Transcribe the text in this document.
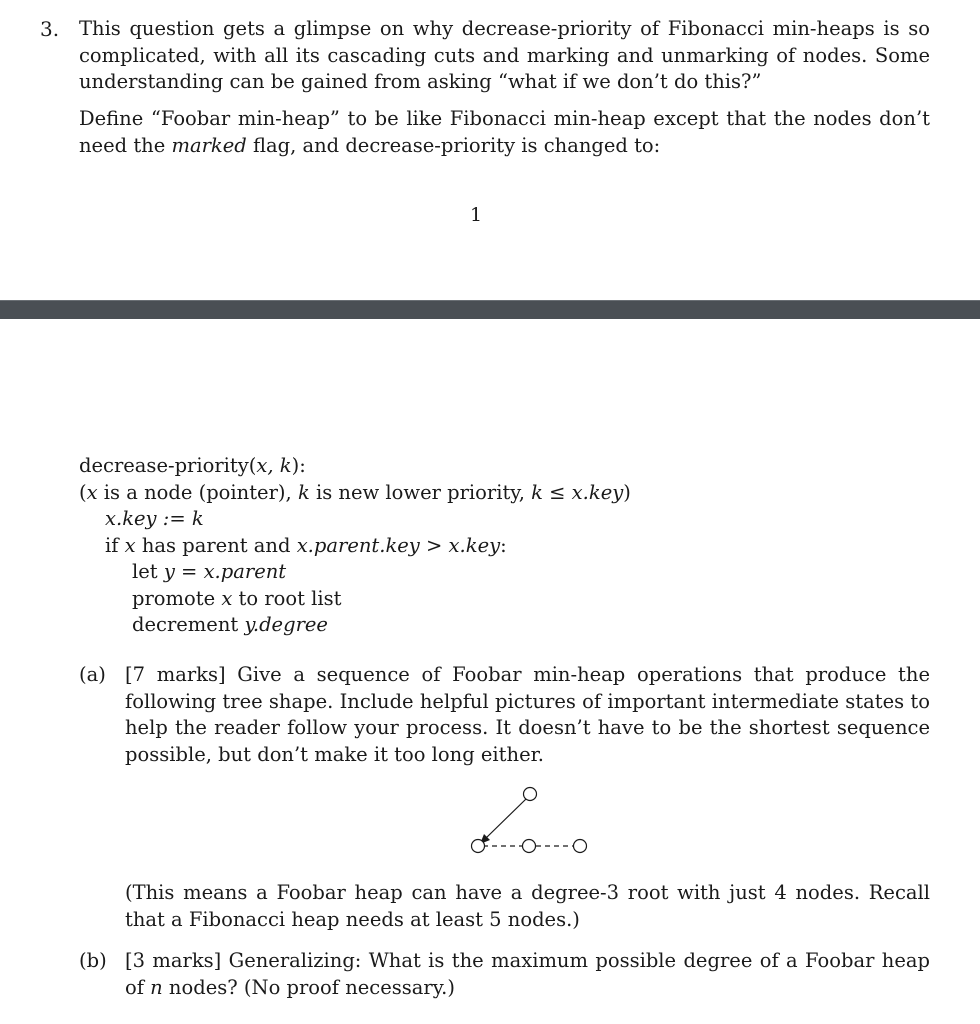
3. This question gets a glimpse on why decrease-priority of Fibonacci min-heaps is so complicated, with all its cascading cuts and marking and unmarking of nodes. Some understanding can be gained from asking “what if we don’t do this?”

Define “Foobar min-heap” to be like Fibonacci min-heap except that the nodes don’t need the marked flag, and decrease-priority is changed to:

1
decrease-priority(x, k):
(x is a node (pointer), k is new lower priority, k ≤ x.key)
x.key := k
if x has parent and x.parent.key > x.key:
let y = x.parent
promote x to root list
decrement y.degree
(a) [7 marks] Give a sequence of Foobar min-heap operations that produce the following tree shape. Include helpful pictures of important intermediate states to help the reader follow your process. It doesn’t have to be the shortest sequence possible, but don’t make it too long either.
(This means a Foobar heap can have a degree-3 root with just 4 nodes. Recall that a Fibonacci heap needs at least 5 nodes.)
(b) [3 marks] Generalizing: What is the maximum possible degree of a Foobar heap of n nodes? (No proof necessary.)
